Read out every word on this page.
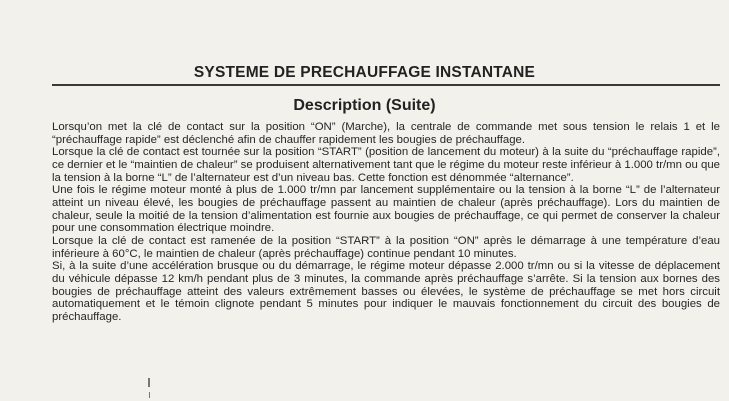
SYSTEME DE PRECHAUFFAGE INSTANTANE
Description (Suite)

Lorsqu’on met la clé de contact sur la position “ON” (Marche), la centrale de commande met sous tension le relais 1 et le “préchauffage rapide” est déclenché afin de chauffer rapidement les bougies de préchauffage.

Lorsque la clé de contact est tournée sur la position “START” (position de lancement du moteur) à la suite du “préchauffage rapide”, ce dernier et le “maintien de chaleur” se produisent alternativement tant que le régime du moteur reste inférieur à 1.000 tr/mn ou que la tension à la borne “L” de l’alternateur est d’un niveau bas. Cette fonction est dénommée “alternance”.

Une fois le régime moteur monté à plus de 1.000 tr/mn par lancement supplémentaire ou la tension à la borne “L” de l’alternateur atteint un niveau élevé, les bougies de préchauffage passent au maintien de chaleur (après préchauffage). Lors du maintien de chaleur, seule la moitié de la tension d’alimentation est fournie aux bougies de préchauffage, ce qui permet de conserver la chaleur pour une consommation électrique moindre.

Lorsque la clé de contact est ramenée de la position “START” à la position “ON” après le démarrage à une température d’eau inférieure à 60°C, le maintien de chaleur (après préchauffage) continue pendant 10 minutes.

Si, à la suite d’une accélération brusque ou du démarrage, le régime moteur dépasse 2.000 tr/mn ou si la vitesse de déplacement du véhicule dépasse 12 km/h pendant plus de 3 minutes, la commande après préchauffage s’arrête. Si la tension aux bornes des bougies de préchauffage atteint des valeurs extrêmement basses ou élevées, le système de préchauffage se met hors circuit automatiquement et le témoin clignote pendant 5 minutes pour indiquer le mauvais fonctionnement du circuit des bougies de préchauffage.
